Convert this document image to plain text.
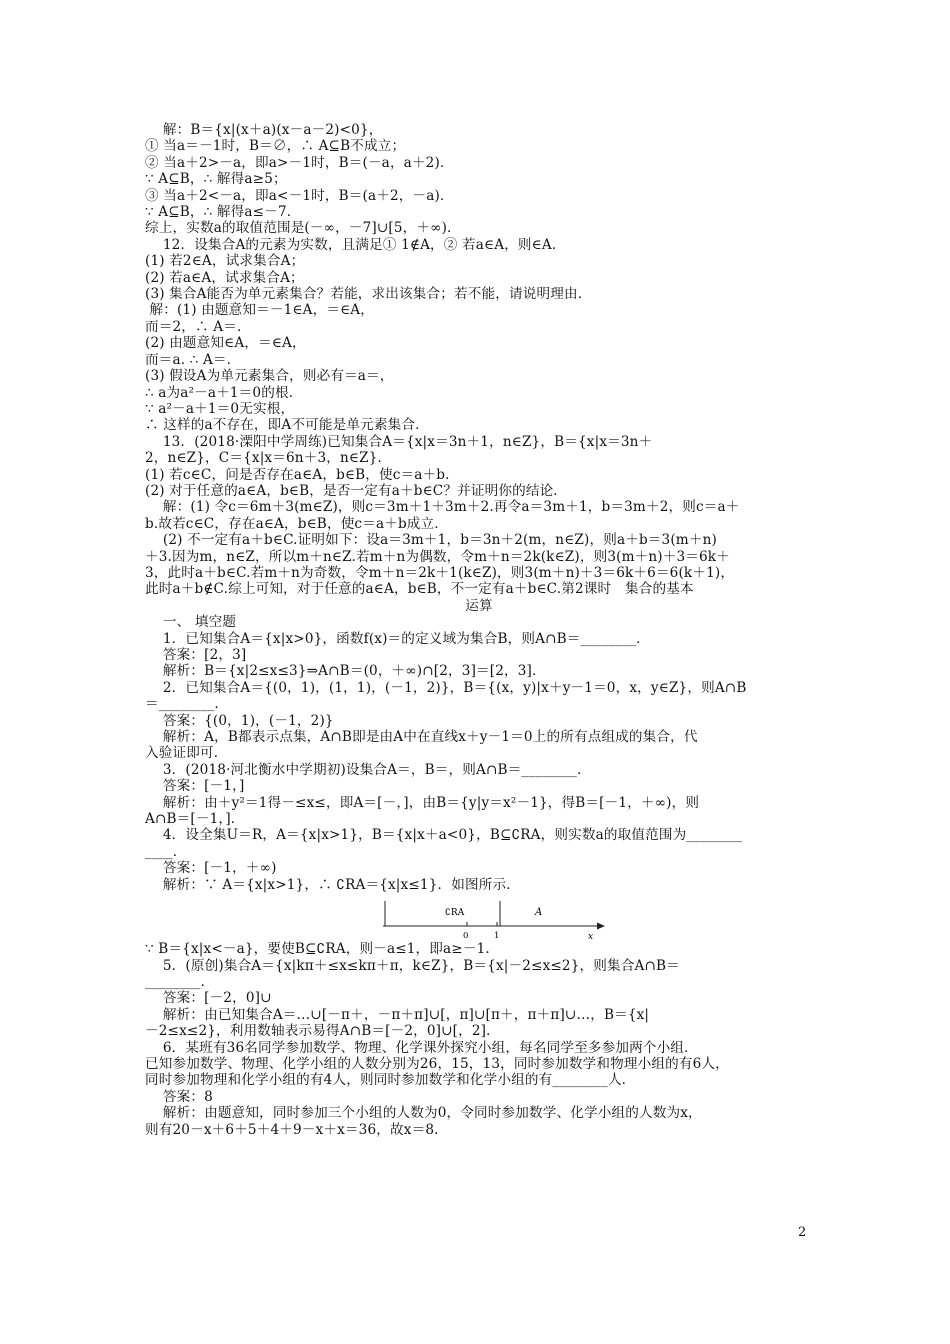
解：B＝{x|(x＋a)(x－a－2)<0}，
① 当a＝－1时，B＝∅，∴ A⊆B不成立；
② 当a＋2>－a，即a>－1时，B＝(－a，a＋2)．
∵ A⊆B，∴ 解得a≥5；
③ 当a＋2<－a，即a<－1时，B＝(a＋2，－a)．
∵ A⊆B，∴ 解得a≤－7．
综上，实数a的取值范围是(－∞，－7]∪[5，＋∞)．
12．设集合A的元素为实数，且满足① 1∉A，② 若a∈A，则∈A.
(1) 若2∈A，试求集合A；
(2) 若a∈A，试求集合A；
(3) 集合A能否为单元素集合？若能，求出该集合；若不能，请说明理由．
解：(1) 由题意知＝－1∈A，＝∈A，
而＝2，∴ A＝.
(2) 由题意知∈A，＝∈A，
而＝a. ∴ A＝.
(3) 假设A为单元素集合，则必有＝a＝，
∴ a为a²－a＋1＝0的根．
∵ a²－a＋1＝0无实根，
∴ 这样的a不存在，即A不可能是单元素集合．
13．(2018·溧阳中学周练)已知集合A＝{x|x＝3n＋1，n∈Z}，B＝{x|x＝3n＋
2，n∈Z}，C＝{x|x＝6n＋3，n∈Z}．
(1) 若c∈C，问是否存在a∈A，b∈B，使c＝a＋b.
(2) 对于任意的a∈A，b∈B，是否一定有a＋b∈C？并证明你的结论．
解：(1) 令c＝6m＋3(m∈Z)，则c＝3m＋1＋3m＋2.再令a＝3m＋1，b＝3m＋2，则c＝a＋
b.故若c∈C，存在a∈A，b∈B，使c＝a＋b成立．
(2) 不一定有a＋b∈C.证明如下：设a＝3m＋1，b＝3n＋2(m，n∈Z)，则a＋b＝3(m＋n)
＋3.因为m，n∈Z，所以m＋n∈Z.若m＋n为偶数，令m＋n＝2k(k∈Z)，则3(m＋n)＋3＝6k＋
3，此时a＋b∈C.若m＋n为奇数，令m＋n＝2k＋1(k∈Z)，则3(m＋n)＋3＝6k＋6＝6(k＋1)，
此时a＋b∉C.综上可知，对于任意的a∈A，b∈B，不一定有a＋b∈C.第2课时　集合的基本
运算
一、 填空题
1．已知集合A＝{x|x>0}，函数f(x)＝的定义域为集合B，则A∩B＝________．
答案：[2，3]
解析：B＝{x|2≤x≤3}⇒A∩B＝(0，＋∞)∩[2，3]＝[2，3]．
2．已知集合A＝{(0，1)，(1，1)，(－1，2)}，B＝{(x，y)|x＋y－1＝0，x，y∈Z}，则A∩B
＝________.
答案：{(0，1)，(－1，2)}
解析：A，B都表示点集，A∩B即是由A中在直线x＋y－1＝0上的所有点组成的集合，代
入验证即可．
3．(2018·河北衡水中学期初)设集合A＝，B＝，则A∩B＝________．
答案：[－1，]
解析：由＋y²＝1得－≤x≤，即A＝[－，]，由B＝{y|y＝x²－1}，得B＝[－1，＋∞)，则
A∩B＝[－1，]．
4．设全集U＝R，A＝{x|x>1}，B＝{x|x＋a<0}，B⊆∁RA，则实数a的取值范围为________
____．
答案：[－1，＋∞)
解析：∵ A＝{x|x>1}，∴ ∁RA＝{x|x≤1}．如图所示．
∁RA	A
0	1	x
∵ B＝{x|x<－a}，要使B⊆∁RA，则－a≤1，即a≥－1.
5．(原创)集合A＝{x|kπ＋≤x≤kπ＋π，k∈Z}，B＝{x|－2≤x≤2}，则集合A∩B＝
________．
答案：[－2，0]∪
解析：由已知集合A＝…∪[－π＋，－π＋π]∪[，π]∪[π＋，π＋π]∪…，B＝{x|
－2≤x≤2}，利用数轴表示易得A∩B＝[－2，0]∪[，2]．
6．某班有36名同学参加数学、物理、化学课外探究小组，每名同学至多参加两个小组．
已知参加数学、物理、化学小组的人数分别为26，15，13，同时参加数学和物理小组的有6人，
同时参加物理和化学小组的有4人，则同时参加数学和化学小组的有________人．
答案：8
解析：由题意知，同时参加三个小组的人数为0，令同时参加数学、化学小组的人数为x，
则有20－x＋6＋5＋4＋9－x＋x＝36，故x＝8.
2
